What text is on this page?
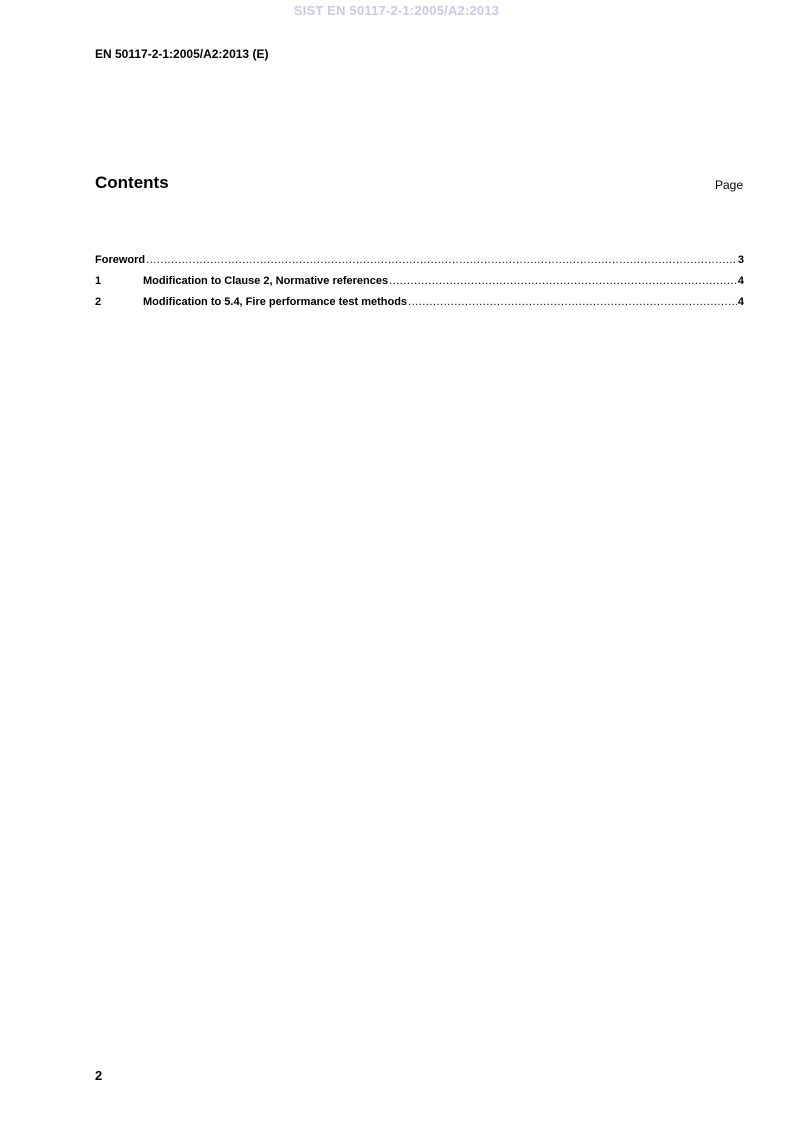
SIST EN 50117-2-1:2005/A2:2013
EN 50117-2-1:2005/A2:2013 (E)
Contents	Page
Foreword .....	3
1	Modification to Clause 2, Normative references .....	4
2	Modification to 5.4, Fire performance test methods .....	4
2
